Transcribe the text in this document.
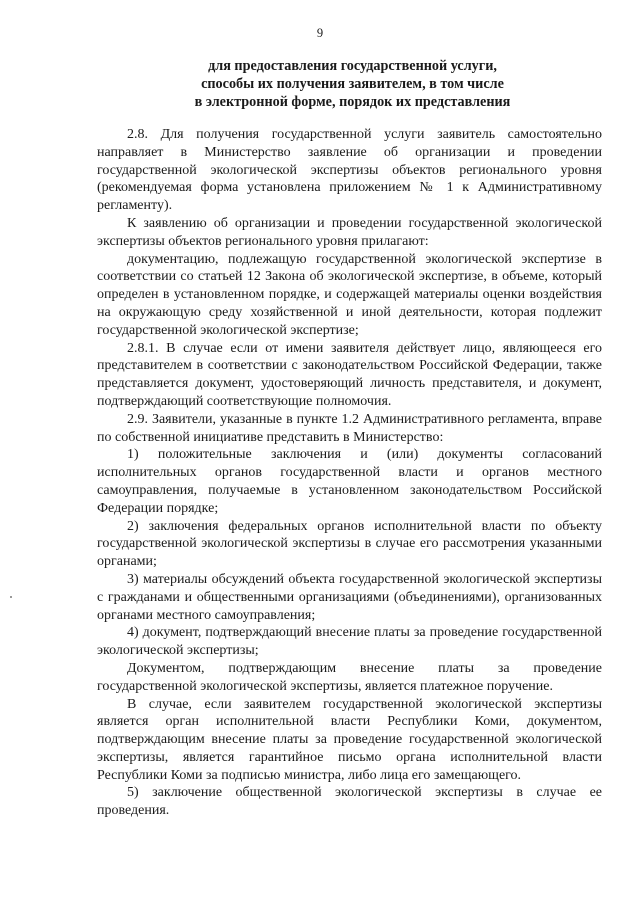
9
для предоставления государственной услуги,
способы их получения заявителем, в том числе
в электронной форме, порядок их представления

2.8. Для получения государственной услуги заявитель самостоятельно направляет в Министерство заявление об организации и проведении государственной экологической экспертизы объектов регионального уровня (рекомендуемая форма установлена приложением № 1 к Административному регламенту).

К заявлению об организации и проведении государственной экологической экспертизы объектов регионального уровня прилагают:

документацию, подлежащую государственной экологической экспертизе в соответствии со статьей 12 Закона об экологической экспертизе, в объеме, который определен в установленном порядке, и содержащей материалы оценки воздействия на окружающую среду хозяйственной и иной деятельности, которая подлежит государственной экологической экспертизе;

2.8.1. В случае если от имени заявителя действует лицо, являющееся его представителем в соответствии с законодательством Российской Федерации, также представляется документ, удостоверяющий личность представителя, и документ, подтверждающий соответствующие полномочия.

2.9. Заявители, указанные в пункте 1.2 Административного регламента, вправе по собственной инициативе представить в Министерство:

1) положительные заключения и (или) документы согласований исполнительных органов государственной власти и органов местного самоуправления, получаемые в установленном законодательством Российской Федерации порядке;

2) заключения федеральных органов исполнительной власти по объекту государственной экологической экспертизы в случае его рассмотрения указанными органами;

3) материалы обсуждений объекта государственной экологической экспертизы с гражданами и общественными организациями (объединениями), организованных органами местного самоуправления;

4) документ, подтверждающий внесение платы за проведение государственной экологической экспертизы;

Документом, подтверждающим внесение платы за проведение государственной экологической экспертизы, является платежное поручение.

В случае, если заявителем государственной экологической экспертизы является орган исполнительной власти Республики Коми, документом, подтверждающим внесение платы за проведение государственной экологической экспертизы, является гарантийное письмо органа исполнительной власти Республики Коми за подписью министра, либо лица его замещающего.

5) заключение общественной экологической экспертизы в случае ее проведения.
